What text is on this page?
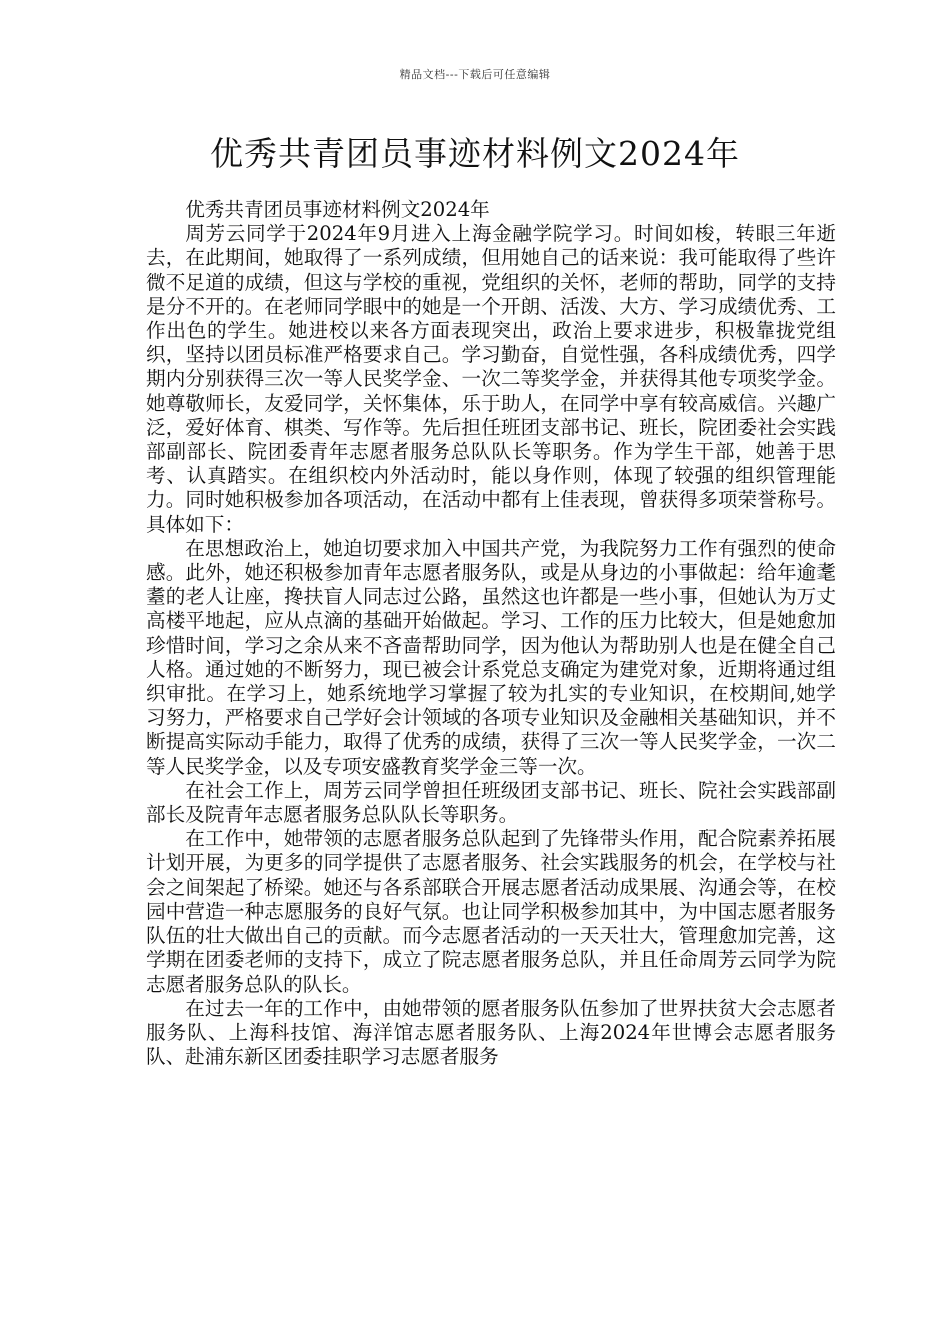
精品文档---下载后可任意编辑
优秀共青团员事迹材料例文2024年

优秀共青团员事迹材料例文2024年

周芳云同学于2024年9月进入上海金融学院学习。时间如梭，转眼三年逝去，在此期间，她取得了一系列成绩，但用她自己的话来说：我可能取得了些许微不足道的成绩，但这与学校的重视，党组织的关怀，老师的帮助，同学的支持是分不开的。在老师同学眼中的她是一个开朗、活泼、大方、学习成绩优秀、工作出色的学生。她进校以来各方面表现突出，政治上要求进步，积极靠拢党组织，坚持以团员标准严格要求自己。学习勤奋，自觉性强，各科成绩优秀，四学期内分别获得三次一等人民奖学金、一次二等奖学金，并获得其他专项奖学金。她尊敬师长，友爱同学，关怀集体，乐于助人，在同学中享有较高威信。兴趣广泛，爱好体育、棋类、写作等。先后担任班团支部书记、班长，院团委社会实践部副部长、院团委青年志愿者服务总队队长等职务。作为学生干部，她善于思考、认真踏实。在组织校内外活动时，能以身作则，体现了较强的组织管理能力。同时她积极参加各项活动，在活动中都有上佳表现，曾获得多项荣誉称号。具体如下：

在思想政治上，她迫切要求加入中国共产党，为我院努力工作有强烈的使命感。此外，她还积极参加青年志愿者服务队，或是从身边的小事做起：给年逾耄耋的老人让座，搀扶盲人同志过公路，虽然这也许都是一些小事，但她认为万丈高楼平地起，应从点滴的基础开始做起。学习、工作的压力比较大，但是她愈加珍惜时间，学习之余从来不吝啬帮助同学，因为他认为帮助别人也是在健全自己人格。通过她的不断努力，现已被会计系党总支确定为建党对象，近期将通过组织审批。在学习上，她系统地学习掌握了较为扎实的专业知识，在校期间,她学习努力，严格要求自己学好会计领域的各项专业知识及金融相关基础知识，并不断提高实际动手能力，取得了优秀的成绩，获得了三次一等人民奖学金，一次二等人民奖学金，以及专项安盛教育奖学金三等一次。

在社会工作上，周芳云同学曾担任班级团支部书记、班长、院社会实践部副部长及院青年志愿者服务总队队长等职务。

在工作中，她带领的志愿者服务总队起到了先锋带头作用，配合院素养拓展计划开展，为更多的同学提供了志愿者服务、社会实践服务的机会，在学校与社会之间架起了桥梁。她还与各系部联合开展志愿者活动成果展、沟通会等，在校园中营造一种志愿服务的良好气氛。也让同学积极参加其中，为中国志愿者服务队伍的壮大做出自己的贡献。而今志愿者活动的一天天壮大，管理愈加完善，这学期在团委老师的支持下，成立了院志愿者服务总队，并且任命周芳云同学为院志愿者服务总队的队长。

在过去一年的工作中，由她带领的愿者服务队伍参加了世界扶贫大会志愿者服务队、上海科技馆、海洋馆志愿者服务队、上海2024年世博会志愿者服务队、赴浦东新区团委挂职学习志愿者服务
